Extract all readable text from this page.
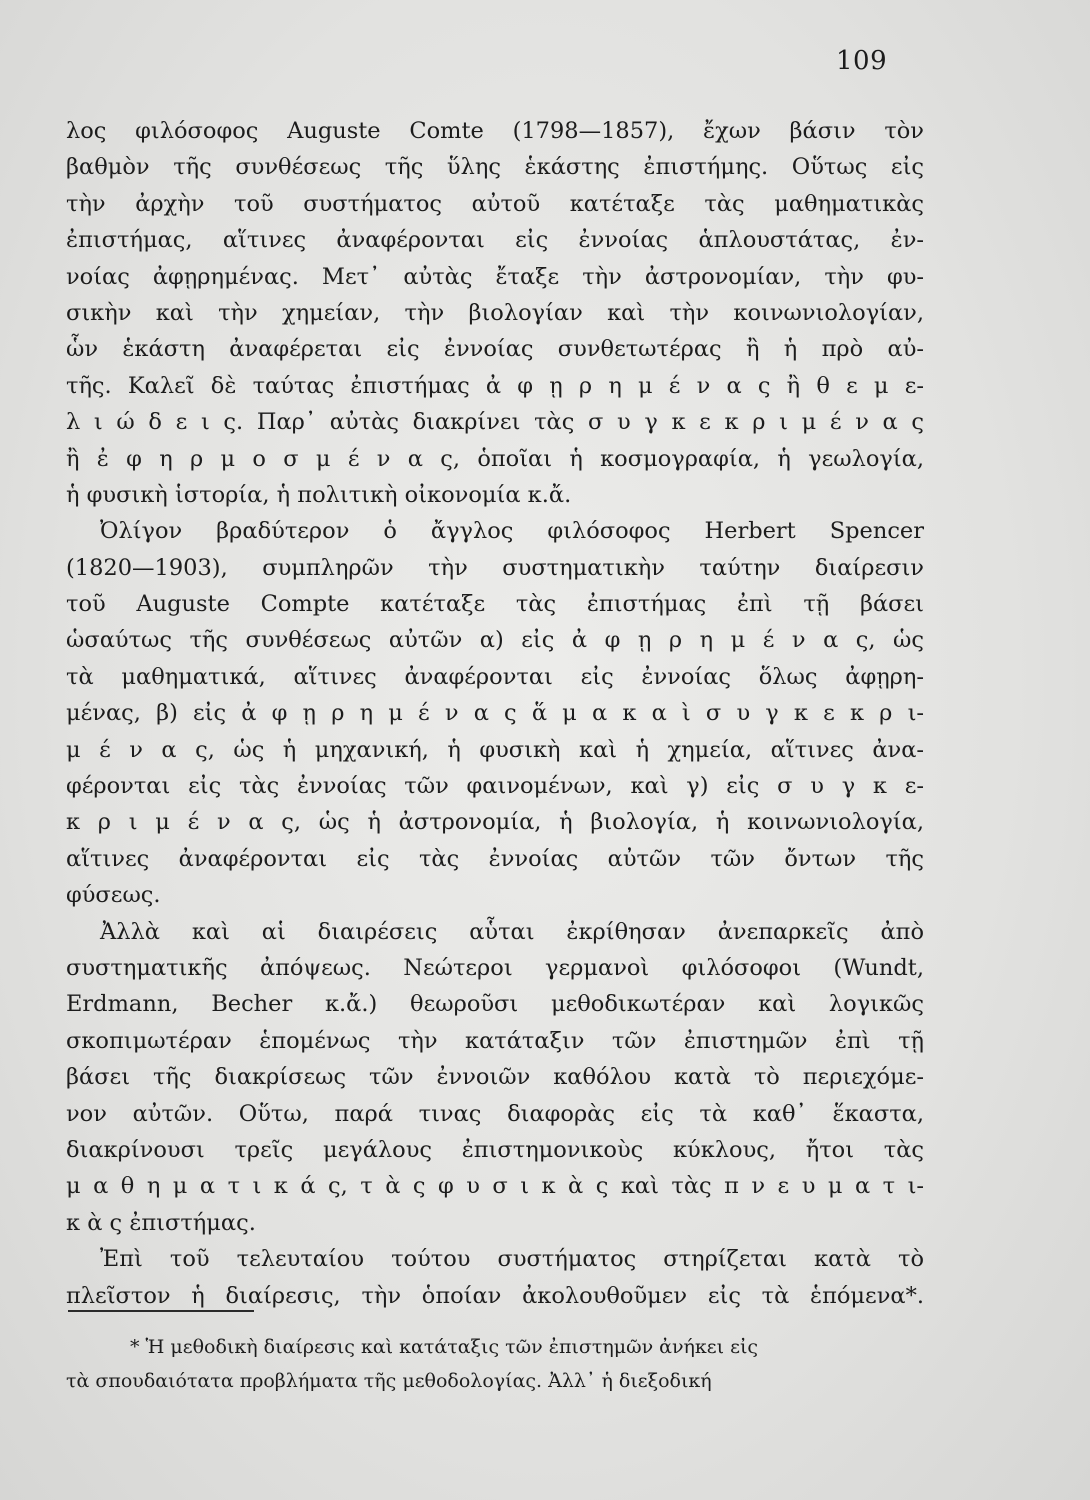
109
λος φιλόσοφος Auguste Comte (1798—1857), ἔχων βάσιν τὸν
βαθμὸν τῆς συνθέσεως τῆς ὕλης ἑκάστης ἐπιστήμης. Οὕτως εἰς
τὴν ἀρχὴν τοῦ συστήματος αὐτοῦ κατέταξε τὰς μαθηματικὰς
ἐπιστήμας, αἵτινες ἀναφέρονται εἰς ἐννοίας ἁπλουστάτας, ἐν-
νοίας ἀφῃρημένας. Μετ᾽ αὐτὰς ἔταξε τὴν ἀστρονομίαν, τὴν φυ-
σικὴν καὶ τὴν χημείαν, τὴν βιολογίαν καὶ τὴν κοινωνιολογίαν,
ὧν ἑκάστη ἀναφέρεται εἰς ἐννοίας συνθετωτέρας ἢ ἡ πρὸ αὐ-
τῆς. Καλεῖ δὲ ταύτας ἐπιστήμας ἀ φ ῃ ρ η μ έ ν α ς ἢ θ ε μ ε-
λ ι ώ δ ε ι ς. Παρ᾽ αὐτὰς διακρίνει τὰς σ υ γ κ ε κ ρ ι μ έ ν α ς
ἢ ἐ φ η ρ μ ο σ μ έ ν α ς, ὁποῖαι ἡ κοσμογραφία, ἡ γεωλογία,
ἡ φυσικὴ ἱστορία, ἡ πολιτικὴ οἰκονομία κ.ἄ.
Ὀλίγον βραδύτερον ὁ ἄγγλος φιλόσοφος Herbert Spencer
(1820—1903), συμπληρῶν τὴν συστηματικὴν ταύτην διαίρεσιν
τοῦ Auguste Compte κατέταξε τὰς ἐπιστήμας ἐπὶ τῇ βάσει
ὡσαύτως τῆς συνθέσεως αὐτῶν α) εἰς ἀ φ ῃ ρ η μ έ ν α ς, ὡς
τὰ μαθηματικά, αἵτινες ἀναφέρονται εἰς ἐννοίας ὅλως ἀφῃρη-
μένας, β) εἰς ἀ φ ῃ ρ η μ έ ν α ς ἅ μ α κ α ὶ σ υ γ κ ε κ ρ ι-
μ έ ν α ς, ὡς ἡ μηχανική, ἡ φυσικὴ καὶ ἡ χημεία, αἵτινες ἀνα-
φέρονται εἰς τὰς ἐννοίας τῶν φαινομένων, καὶ γ) εἰς σ υ γ κ ε-
κ ρ ι μ έ ν α ς, ὡς ἡ ἀστρονομία, ἡ βιολογία, ἡ κοινωνιολογία,
αἵτινες ἀναφέρονται εἰς τὰς ἐννοίας αὐτῶν τῶν ὄντων τῆς
φύσεως.
Ἀλλὰ καὶ αἱ διαιρέσεις αὗται ἐκρίθησαν ἀνεπαρκεῖς ἀπὸ
συστηματικῆς ἀπόψεως. Νεώτεροι γερμανοὶ φιλόσοφοι (Wundt,
Erdmann, Becher κ.ἄ.) θεωροῦσι μεθοδικωτέραν καὶ λογικῶς
σκοπιμωτέραν ἑπομένως τὴν κατάταξιν τῶν ἐπιστημῶν ἐπὶ τῇ
βάσει τῆς διακρίσεως τῶν ἐννοιῶν καθόλου κατὰ τὸ περιεχόμε-
νον αὐτῶν. Οὕτω, παρά τινας διαφορὰς εἰς τὰ καθ᾽ ἕκαστα,
διακρίνουσι τρεῖς μεγάλους ἐπιστημονικοὺς κύκλους, ἤτοι τὰς
μ α θ η μ α τ ι κ ά ς, τ ὰ ς φ υ σ ι κ ὰ ς καὶ τὰς π ν ε υ μ α τ ι-
κ ὰ ς ἐπιστήμας.
Ἐπὶ τοῦ τελευταίου τούτου συστήματος στηρίζεται κατὰ τὸ
πλεῖστον ἡ διαίρεσις, τὴν ὁποίαν ἀκολουθοῦμεν εἰς τὰ ἑπόμενα*.
* Ἡ μεθοδικὴ διαίρεσις καὶ κατάταξις τῶν ἐπιστημῶν ἀνήκει εἰς
τὰ σπουδαιότατα προβλήματα τῆς μεθοδολογίας. Ἀλλ᾽ ἡ διεξοδική
